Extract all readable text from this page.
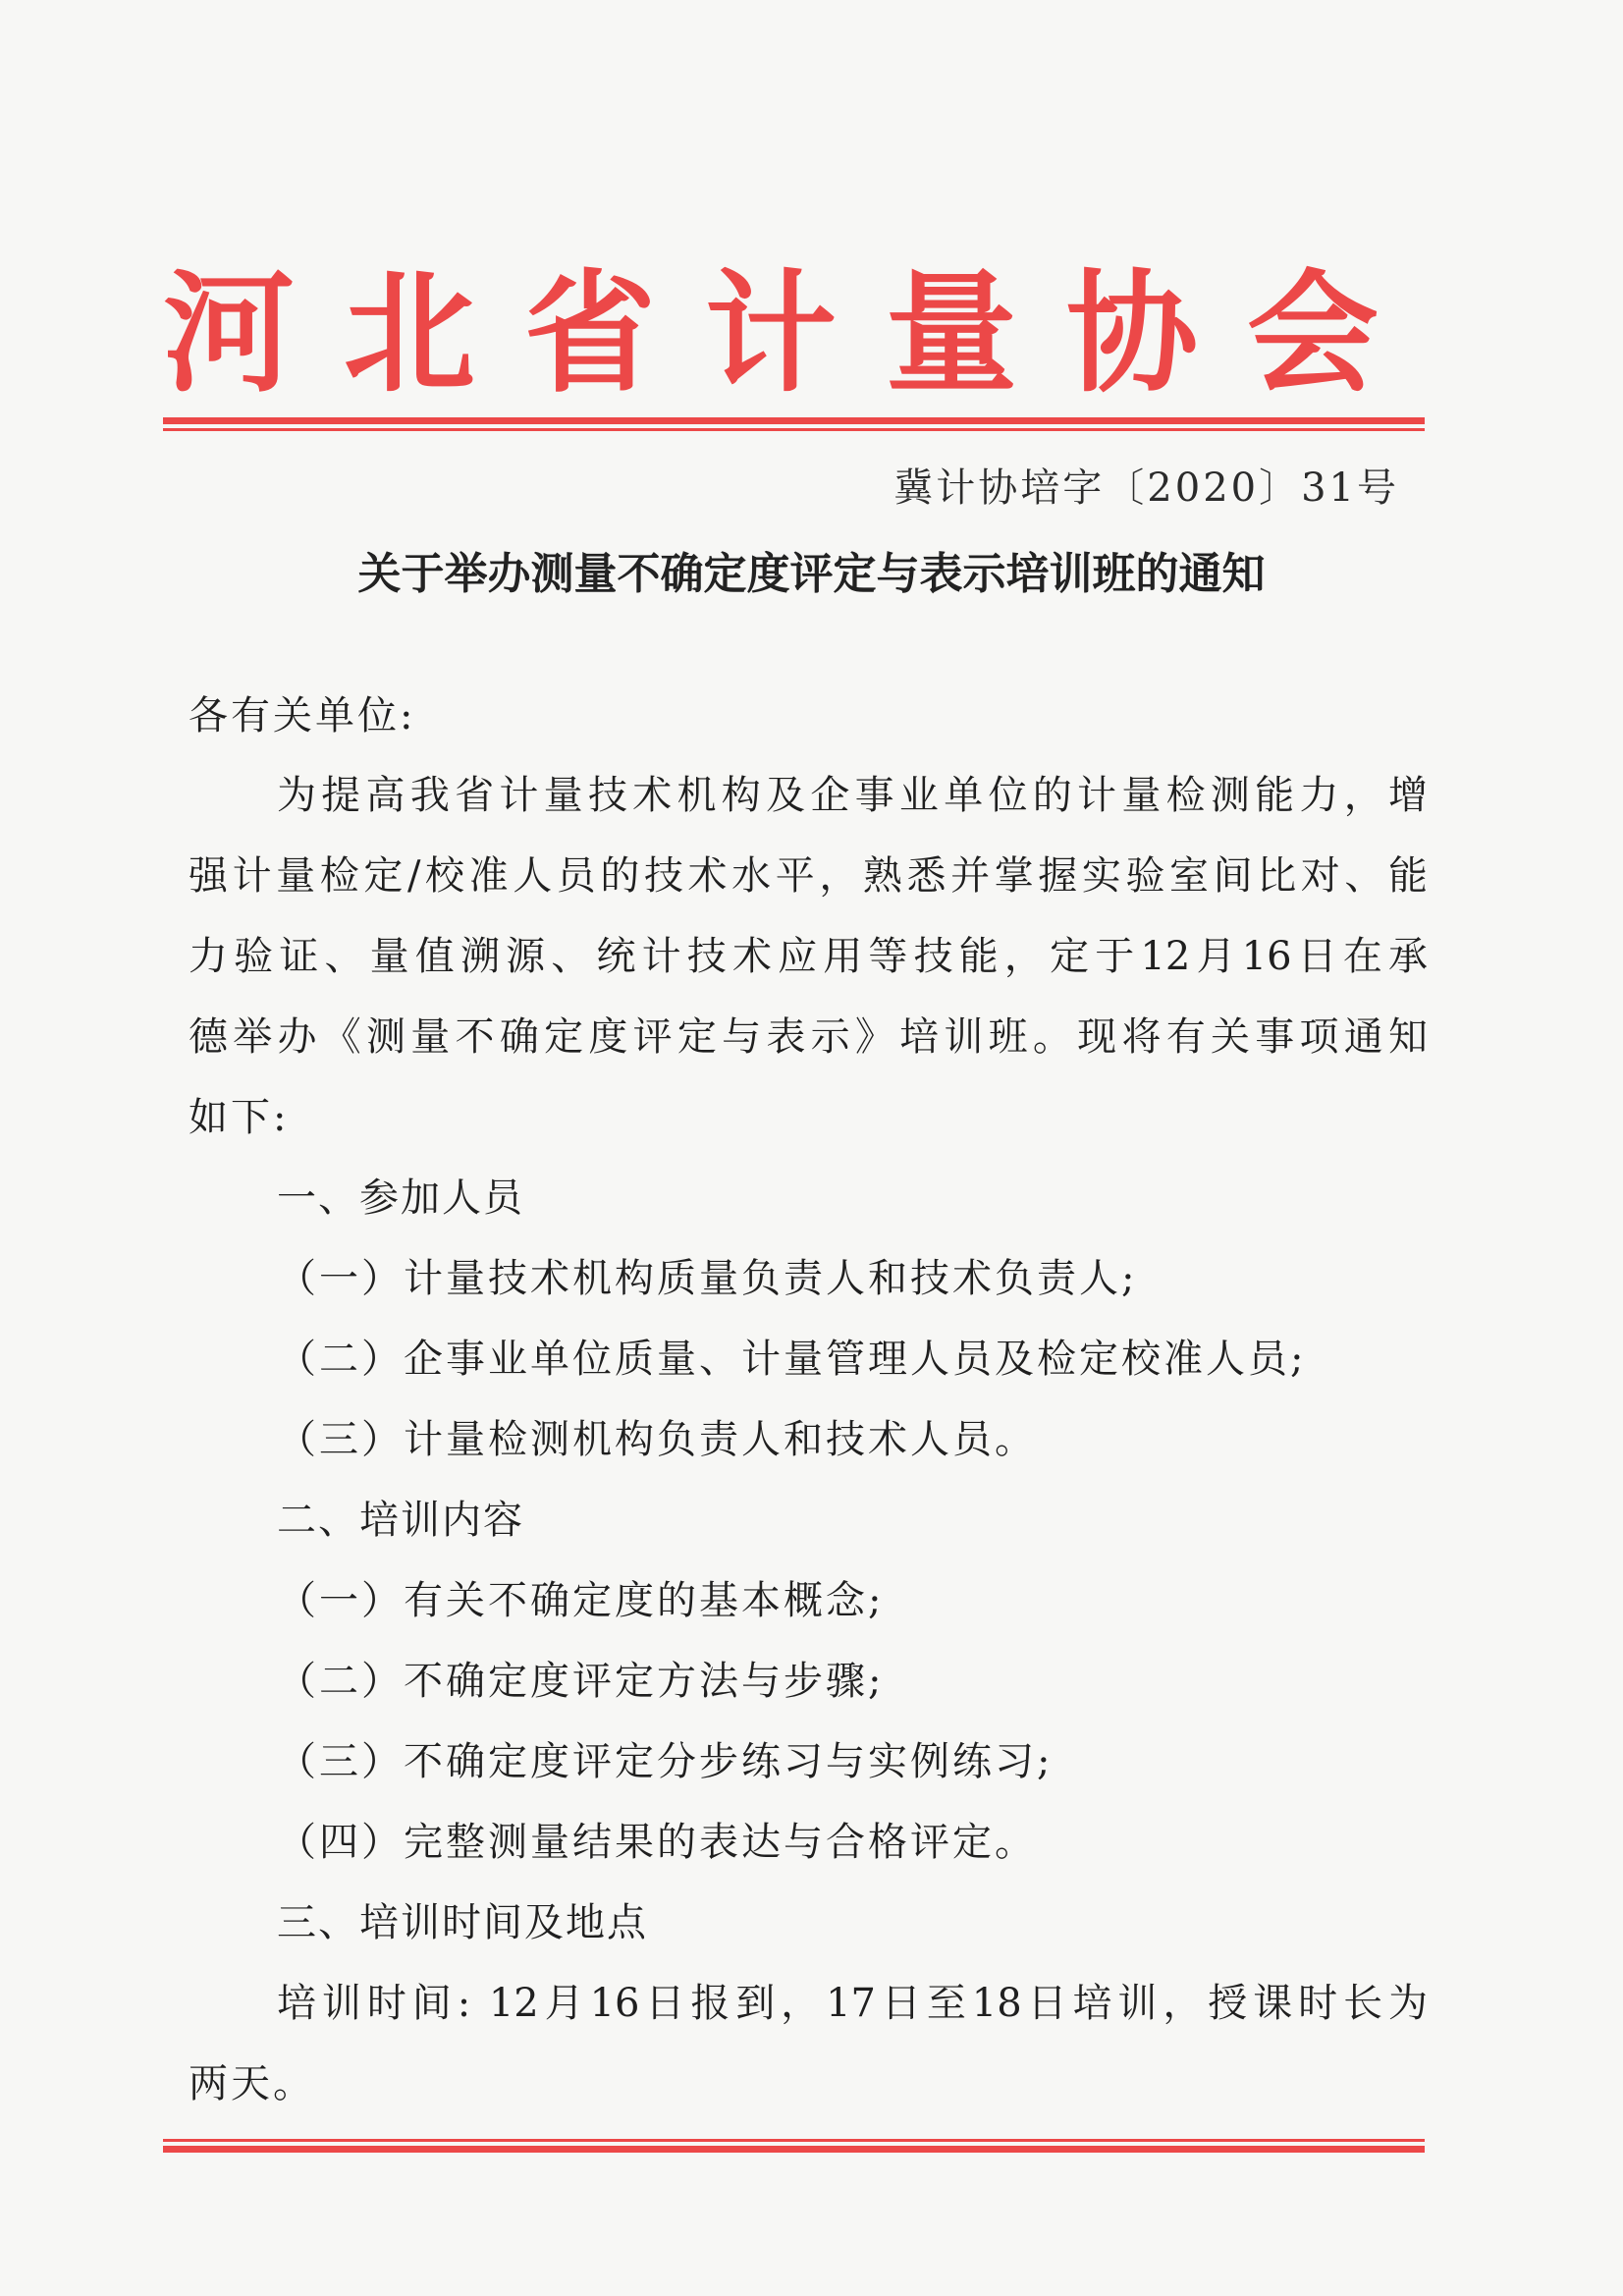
河北省计量协会
冀计协培字〔2020〕31号
关于举办测量不确定度评定与表示培训班的通知
各有关单位:
为提高我省计量技术机构及企事业单位的计量检测能力，增
强计量检定/校准人员的技术水平，熟悉并掌握实验室间比对、能
力验证、量值溯源、统计技术应用等技能，定于12月16日在承
德举办《测量不确定度评定与表示》培训班。现将有关事项通知
如下:
一、参加人员
（一）计量技术机构质量负责人和技术负责人;
（二）企事业单位质量、计量管理人员及检定校准人员;
（三）计量检测机构负责人和技术人员。
二、培训内容
（一）有关不确定度的基本概念;
（二）不确定度评定方法与步骤;
（三）不确定度评定分步练习与实例练习;
（四）完整测量结果的表达与合格评定。
三、培训时间及地点
培训时间: 12月16日报到，17日至18日培训，授课时长为
两天。
